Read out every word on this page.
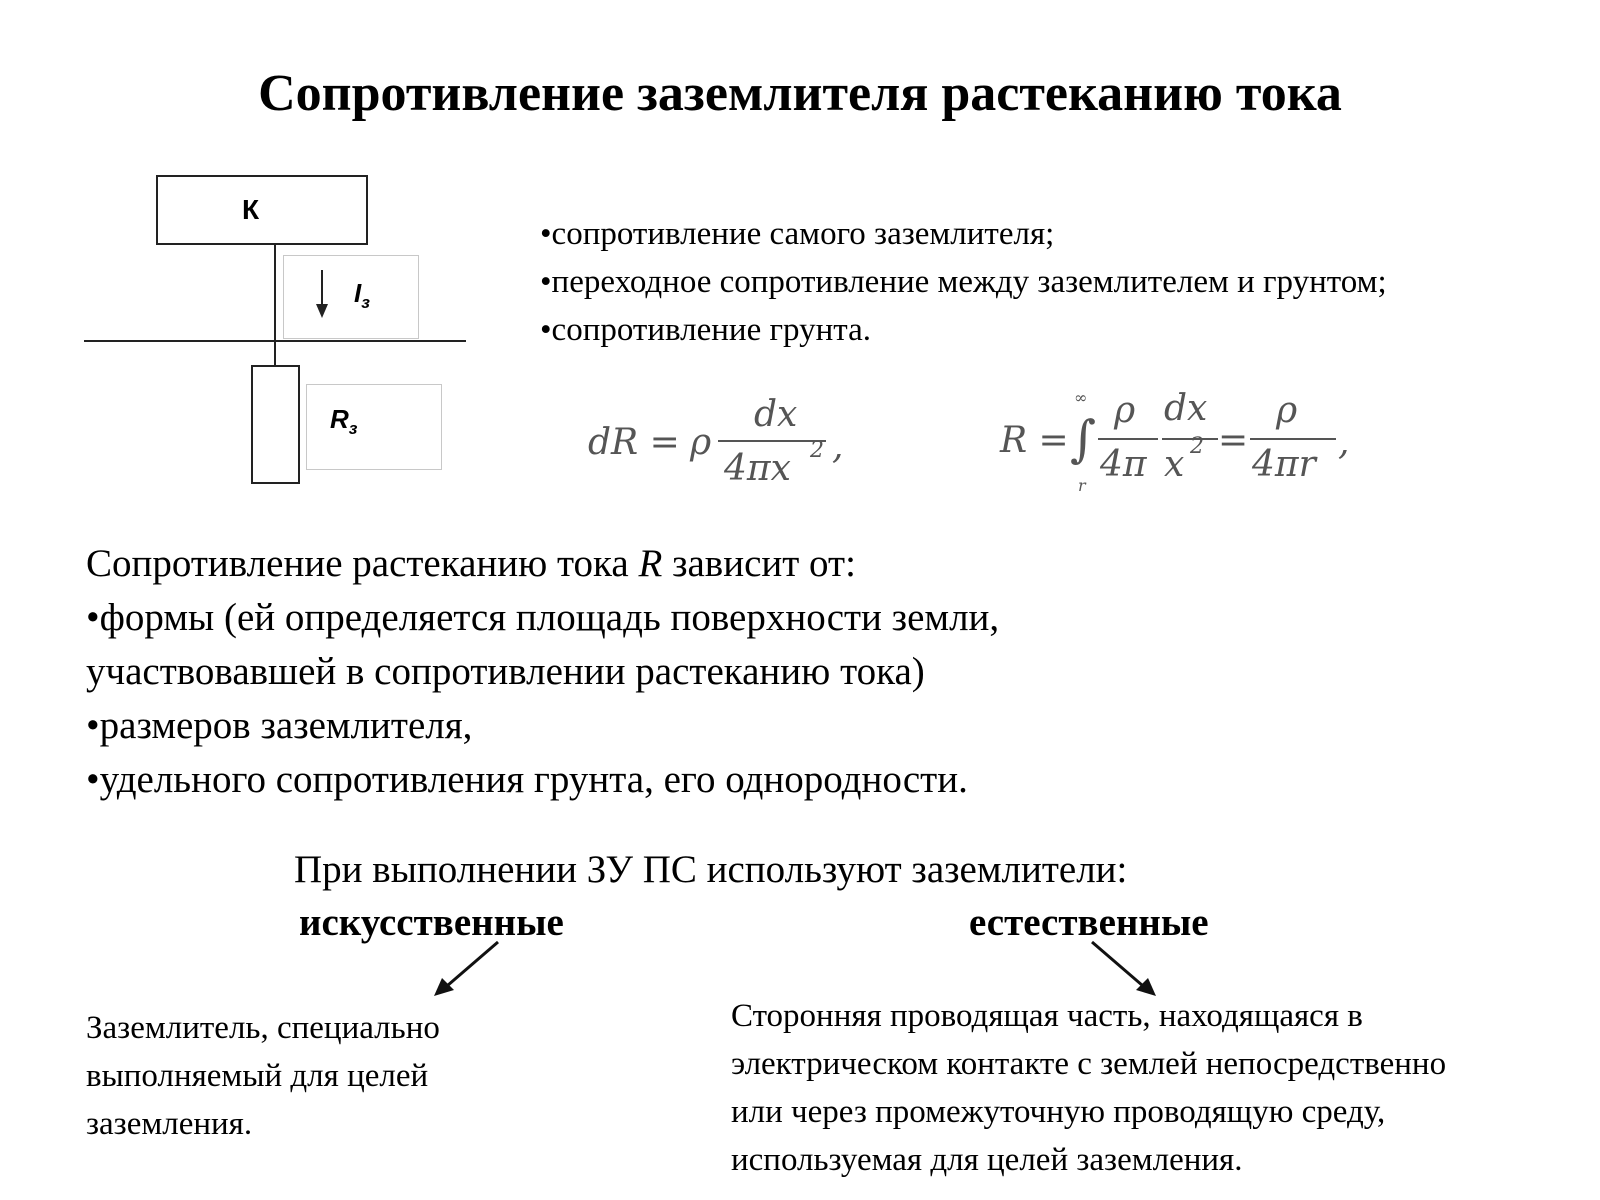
Сопротивление заземлителя растеканию тока
К
$I_з$
$R_з$
•сопротивление самого заземлителя;
•переходное сопротивление между заземлителем и грунтом;
•сопротивление грунта.
dR = ρ
dx
4πx 2 ,	R =
∞
∫
r
ρ
4π
dx
x 2 =
ρ
4πr
,
Сопротивление растеканию тока R зависит от:
•формы (ей определяется площадь поверхности земли,
участвовавшей в сопротивлении растеканию тока)
•размеров заземлителя,
•удельного сопротивления грунта, его однородности.
При выполнении ЗУ ПС используют заземлители:
искусственные	естественные
Заземлитель, специально
выполняемый для целей
заземления.
Сторонняя проводящая часть, находящаяся в
электрическом контакте с землей непосредственно
или через промежуточную проводящую среду,
используемая для целей заземления.
